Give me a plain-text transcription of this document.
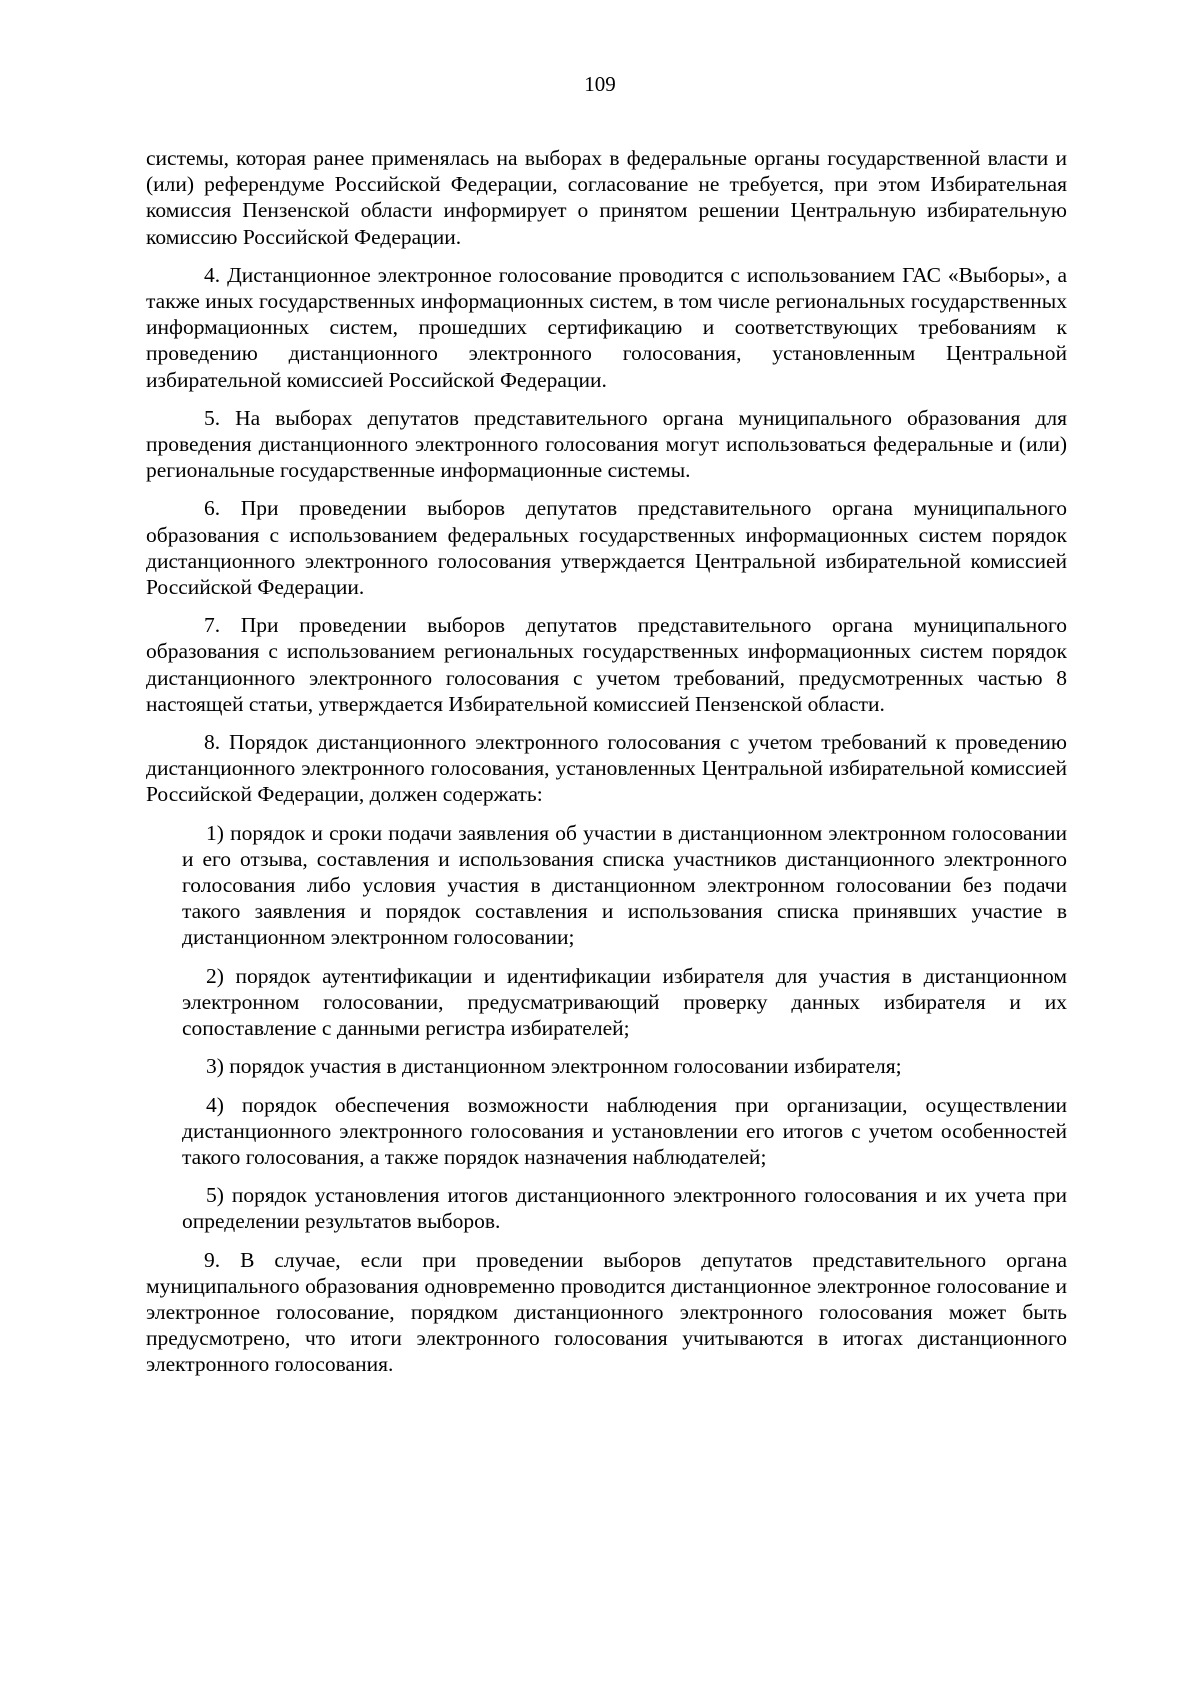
109

системы, которая ранее применялась на выборах в федеральные органы государственной власти и (или) референдуме Российской Федерации, согласование не требуется, при этом Избирательная комиссия Пензенской области информирует о принятом решении Центральную избирательную комиссию Российской Федерации.

4. Дистанционное электронное голосование проводится с использованием ГАС «Выборы», а также иных государственных информационных систем, в том числе региональных государственных информационных систем, прошедших сертификацию и соответствующих требованиям к проведению дистанционного электронного голосования, установленным Центральной избирательной комиссией Российской Федерации.

5. На выборах депутатов представительного органа муниципального образования для проведения дистанционного электронного голосования могут использоваться федеральные и (или) региональные государственные информационные системы.

6. При проведении выборов депутатов представительного органа муниципального образования с использованием федеральных государственных информационных систем порядок дистанционного электронного голосования утверждается Центральной избирательной комиссией Российской Федерации.

7. При проведении выборов депутатов представительного органа муниципального образования с использованием региональных государственных информационных систем порядок дистанционного электронного голосования с учетом требований, предусмотренных частью 8 настоящей статьи, утверждается Избирательной комиссией Пензенской области.

8. Порядок дистанционного электронного голосования с учетом требований к проведению дистанционного электронного голосования, установленных Центральной избирательной комиссией Российской Федерации, должен содержать:

1) порядок и сроки подачи заявления об участии в дистанционном электронном голосовании и его отзыва, составления и использования списка участников дистанционного электронного голосования либо условия участия в дистанционном электронном голосовании без подачи такого заявления и порядок составления и использования списка принявших участие в дистанционном электронном голосовании;

2) порядок аутентификации и идентификации избирателя для участия в дистанционном электронном голосовании, предусматривающий проверку данных избирателя и их сопоставление с данными регистра избирателей;

3) порядок участия в дистанционном электронном голосовании избирателя;

4) порядок обеспечения возможности наблюдения при организации, осуществлении дистанционного электронного голосования и установлении его итогов с учетом особенностей такого голосования, а также порядок назначения наблюдателей;

5) порядок установления итогов дистанционного электронного голосования и их учета при определении результатов выборов.

9. В случае, если при проведении выборов депутатов представительного органа муниципального образования одновременно проводится дистанционное электронное голосование и электронное голосование, порядком дистанционного электронного голосования может быть предусмотрено, что итоги электронного голосования учитываются в итогах дистанционного электронного голосования.
